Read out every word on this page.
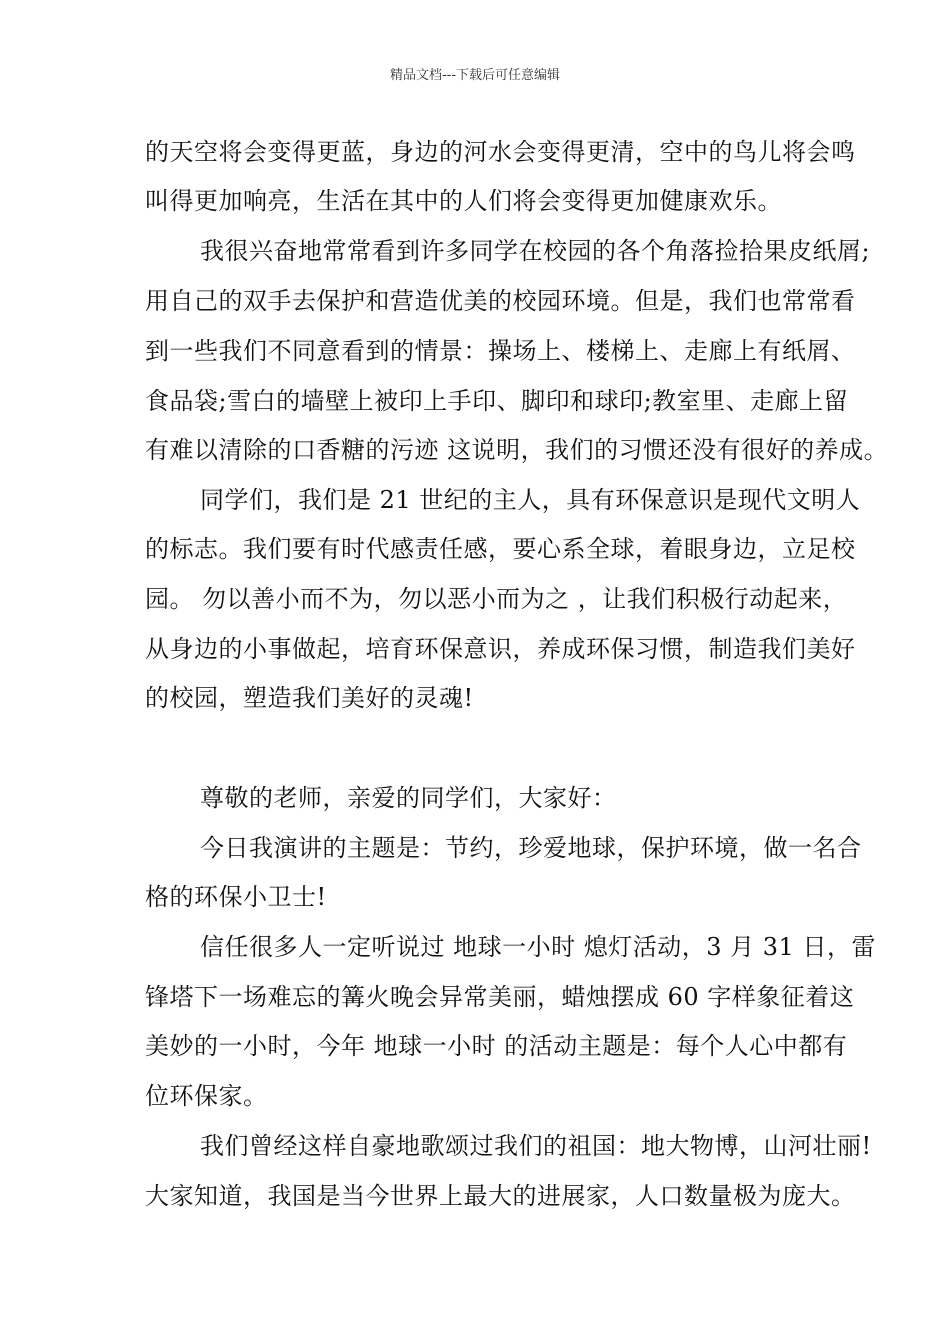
精品文档---下载后可任意编辑
的天空将会变得更蓝，身边的河水会变得更清，空中的鸟儿将会鸣
叫得更加响亮，生活在其中的人们将会变得更加健康欢乐。
我很兴奋地常常看到许多同学在校园的各个角落捡拾果皮纸屑;
用自己的双手去保护和营造优美的校园环境。但是，我们也常常看
到一些我们不同意看到的情景：操场上、楼梯上、走廊上有纸屑、
食品袋;雪白的墙壁上被印上手印、脚印和球印;教室里、走廊上留
有难以清除的口香糖的污迹 这说明，我们的习惯还没有很好的养成。
同学们，我们是 21 世纪的主人，具有环保意识是现代文明人
的标志。我们要有时代感责任感，要心系全球，着眼身边，立足校
园。 勿以善小而不为，勿以恶小而为之 ，让我们积极行动起来，
从身边的小事做起，培育环保意识，养成环保习惯，制造我们美好
的校园，塑造我们美好的灵魂!
尊敬的老师，亲爱的同学们，大家好：
今日我演讲的主题是：节约，珍爱地球，保护环境，做一名合
格的环保小卫士!
信任很多人一定听说过 地球一小时 熄灯活动，3 月 31 日，雷
锋塔下一场难忘的篝火晚会异常美丽，蜡烛摆成 60 字样象征着这
美妙的一小时，今年 地球一小时 的活动主题是：每个人心中都有
位环保家。
我们曾经这样自豪地歌颂过我们的祖国：地大物博，山河壮丽!
大家知道，我国是当今世界上最大的进展家，人口数量极为庞大。
